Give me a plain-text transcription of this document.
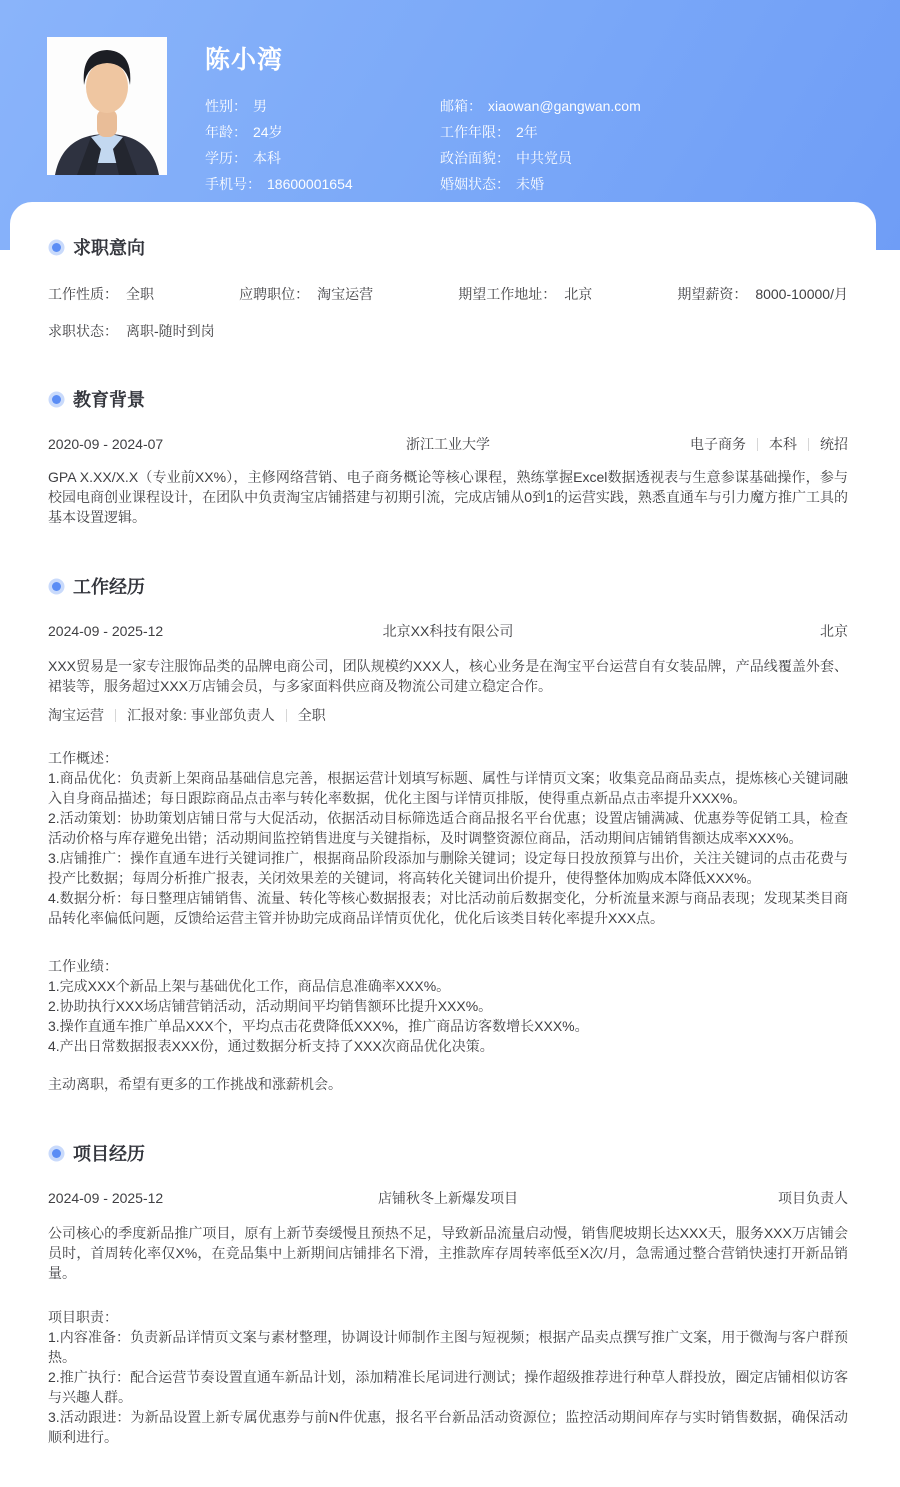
陈小湾
性别： 男
年龄： 24岁
学历： 本科
手机号： 18600001654
邮箱： xiaowan@gangwan.com
工作年限： 2年
政治面貌： 中共党员
婚姻状态： 未婚
求职意向
工作性质： 全职	应聘职位： 淘宝运营	期望工作地址： 北京	期望薪资： 8000-10000/月
求职状态： 离职-随时到岗
教育背景
2020-09 - 2024-07	浙江工业大学	电子商务 本科 统招
GPA X.XX/X.X（专业前XX%），主修网络营销、电子商务概论等核心课程，熟练掌握Excel数据透视表与生意参谋基础操作，参与校园电商创业课程设计，在团队中负责淘宝店铺搭建与初期引流，完成店铺从0到1的运营实践，熟悉直通车与引力魔方推广工具的基本设置逻辑。
工作经历
2024-09 - 2025-12	北京XX科技有限公司	北京
XXX贸易是一家专注服饰品类的品牌电商公司，团队规模约XXX人，核心业务是在淘宝平台运营自有女装品牌，产品线覆盖外套、裙装等，服务超过XXX万店铺会员，与多家面料供应商及物流公司建立稳定合作。
淘宝运营 汇报对象: 事业部负责人 全职
工作概述：
1.商品优化：负责新上架商品基础信息完善，根据运营计划填写标题、属性与详情页文案；收集竞品商品卖点，提炼核心关键词融入自身商品描述；每日跟踪商品点击率与转化率数据，优化主图与详情页排版，使得重点新品点击率提升XXX%。
2.活动策划：协助策划店铺日常与大促活动，依据活动目标筛选适合商品报名平台优惠；设置店铺满减、优惠券等促销工具，检查活动价格与库存避免出错；活动期间监控销售进度与关键指标，及时调整资源位商品，活动期间店铺销售额达成率XXX%。
3.店铺推广：操作直通车进行关键词推广，根据商品阶段添加与删除关键词；设定每日投放预算与出价，关注关键词的点击花费与投产比数据；每周分析推广报表，关闭效果差的关键词，将高转化关键词出价提升，使得整体加购成本降低XXX%。
4.数据分析：每日整理店铺销售、流量、转化等核心数据报表；对比活动前后数据变化，分析流量来源与商品表现；发现某类目商品转化率偏低问题，反馈给运营主管并协助完成商品详情页优化，优化后该类目转化率提升XXX点。
工作业绩：
1.完成XXX个新品上架与基础优化工作，商品信息准确率XXX%。
2.协助执行XXX场店铺营销活动，活动期间平均销售额环比提升XXX%。
3.操作直通车推广单品XXX个，平均点击花费降低XXX%，推广商品访客数增长XXX%。
4.产出日常数据报表XXX份，通过数据分析支持了XXX次商品优化决策。
主动离职，希望有更多的工作挑战和涨薪机会。
项目经历
2024-09 - 2025-12	店铺秋冬上新爆发项目	项目负责人
公司核心的季度新品推广项目，原有上新节奏缓慢且预热不足，导致新品流量启动慢，销售爬坡期长达XXX天，服务XXX万店铺会员时，首周转化率仅X%，在竞品集中上新期间店铺排名下滑，主推款库存周转率低至X次/月，急需通过整合营销快速打开新品销量。
项目职责：
1.内容准备：负责新品详情页文案与素材整理，协调设计师制作主图与短视频；根据产品卖点撰写推广文案，用于微淘与客户群预热。
2.推广执行：配合运营节奏设置直通车新品计划，添加精准长尾词进行测试；操作超级推荐进行种草人群投放，圈定店铺相似访客与兴趣人群。
3.活动跟进：为新品设置上新专属优惠券与前N件优惠，报名平台新品活动资源位；监控活动期间库存与实时销售数据，确保活动顺利进行。
